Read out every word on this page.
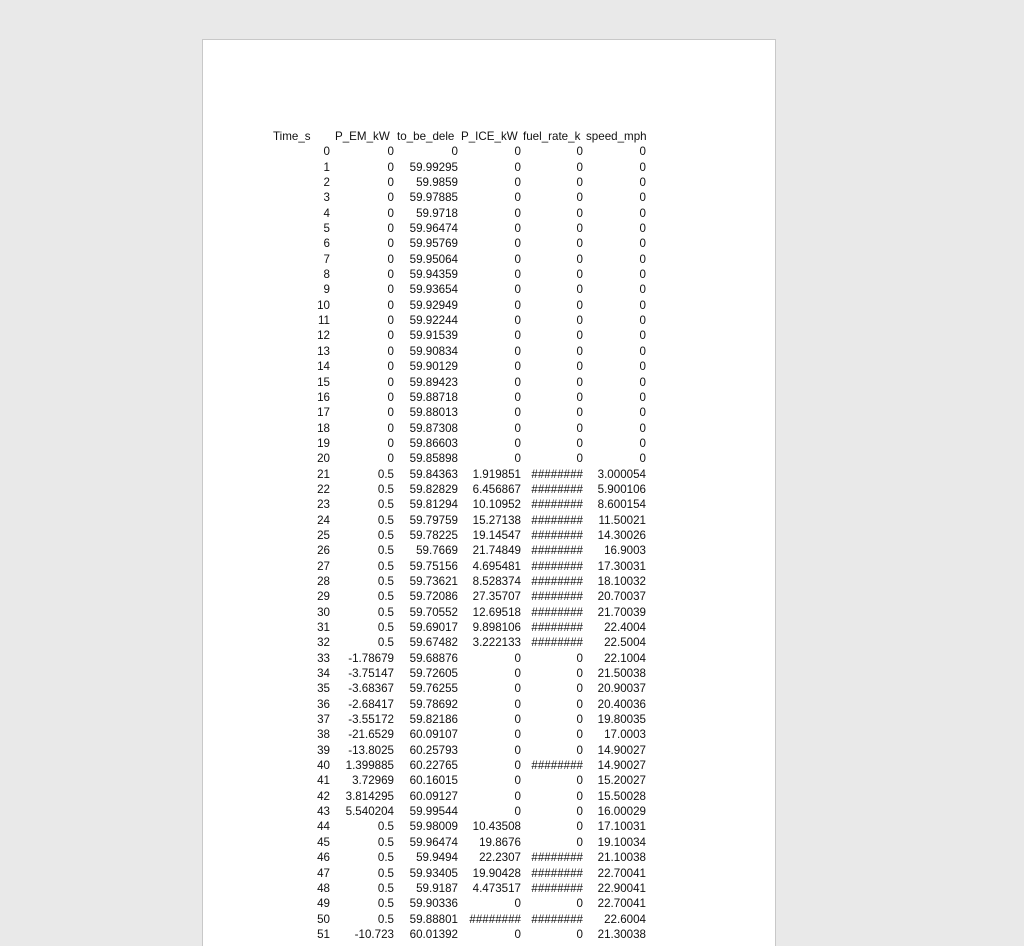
Time_s	P_EM_kW to_be_dele P_ICE_kW fuel_rate_k speed_mph
0	0	0	0	0	0
1	0	59.99295	0	0	0
2	0	59.9859	0	0	0
3	0	59.97885	0	0	0
4	0	59.9718	0	0	0
5	0	59.96474	0	0	0
6	0	59.95769	0	0	0
7	0	59.95064	0	0	0
8	0	59.94359	0	0	0
9	0	59.93654	0	0	0
10	0	59.92949	0	0	0
11	0	59.92244	0	0	0
12	0	59.91539	0	0	0
13	0	59.90834	0	0	0
14	0	59.90129	0	0	0
15	0	59.89423	0	0	0
16	0	59.88718	0	0	0
17	0	59.88013	0	0	0
18	0	59.87308	0	0	0
19	0	59.86603	0	0	0
20	0	59.85898	0	0	0
21	0.5	59.84363	1.919851 ########	3.000054
22	0.5	59.82829	6.456867 ########	5.900106
23	0.5	59.81294	10.10952 ########	8.600154
24	0.5	59.79759	15.27138 ########	11.50021
25	0.5	59.78225	19.14547 ########	14.30026
26	0.5	59.7669	21.74849 ########	16.9003
27	0.5	59.75156	4.695481 ########	17.30031
28	0.5	59.73621	8.528374 ########	18.10032
29	0.5	59.72086	27.35707 ########	20.70037
30	0.5	59.70552	12.69518 ########	21.70039
31	0.5	59.69017	9.898106 ########	22.4004
32	0.5	59.67482	3.222133 ########	22.5004
33	-1.78679	59.68876	0	0	22.1004
34	-3.75147	59.72605	0	0	21.50038
35	-3.68367	59.76255	0	0	20.90037
36	-2.68417	59.78692	0	0	20.40036
37	-3.55172	59.82186	0	0	19.80035
38	-21.6529	60.09107	0	0	17.0003
39	-13.8025	60.25793	0	0	14.90027
40	1.399885	60.22765	0 ########	14.90027
41	3.72969	60.16015	0	0	15.20027
42	3.814295	60.09127	0	0	15.50028
43	5.540204	59.99544	0	0	16.00029
44	0.5	59.98009	10.43508	0	17.10031
45	0.5	59.96474	19.8676	0	19.10034
46	0.5	59.9494	22.2307 ########	21.10038
47	0.5	59.93405	19.90428 ########	22.70041
48	0.5	59.9187	4.473517 ########	22.90041
49	0.5	59.90336	0	0	22.70041
50	0.5	59.88801 ######## ########	22.6004
51	-10.723	60.01392	0	0	21.30038
